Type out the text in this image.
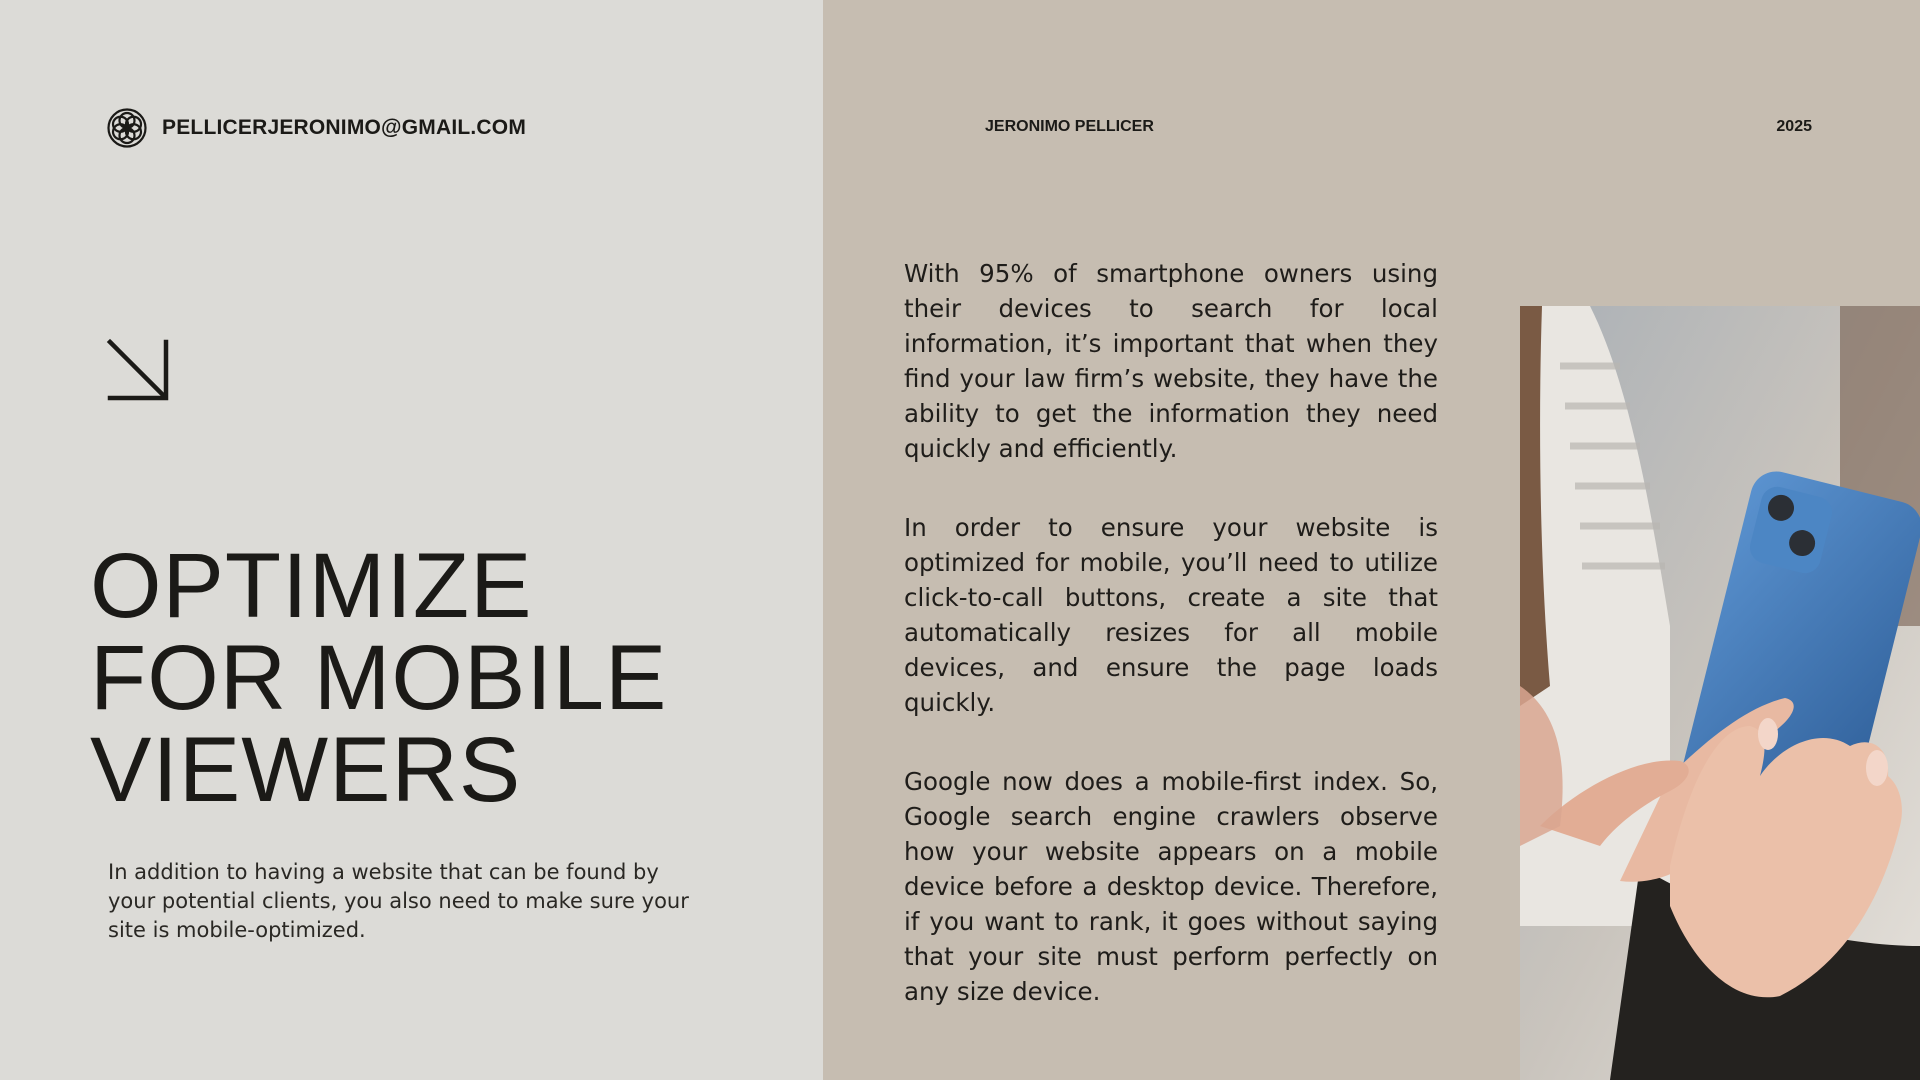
PELLICERJERONIMO@GMAIL.COM	JERONIMO PELLICER	2025
OPTIMIZE
FOR MOBILE
VIEWERS
In addition to having a website that can be found by your potential clients, you also need to make sure your site is mobile-optimized.

With 95% of smartphone owners using their devices to search for local information, it’s important that when they find your law firm’s website, they have the ability to get the information they need quickly and efficiently.

In order to ensure your website is optimized for mobile, you’ll need to utilize click-to-call buttons, create a site that automatically resizes for all mobile devices, and ensure the page loads quickly.

Google now does a mobile-first index. So, Google search engine crawlers observe how your website appears on a mobile device before a desktop device. Therefore, if you want to rank, it goes without saying that your site must perform perfectly on any size device.
